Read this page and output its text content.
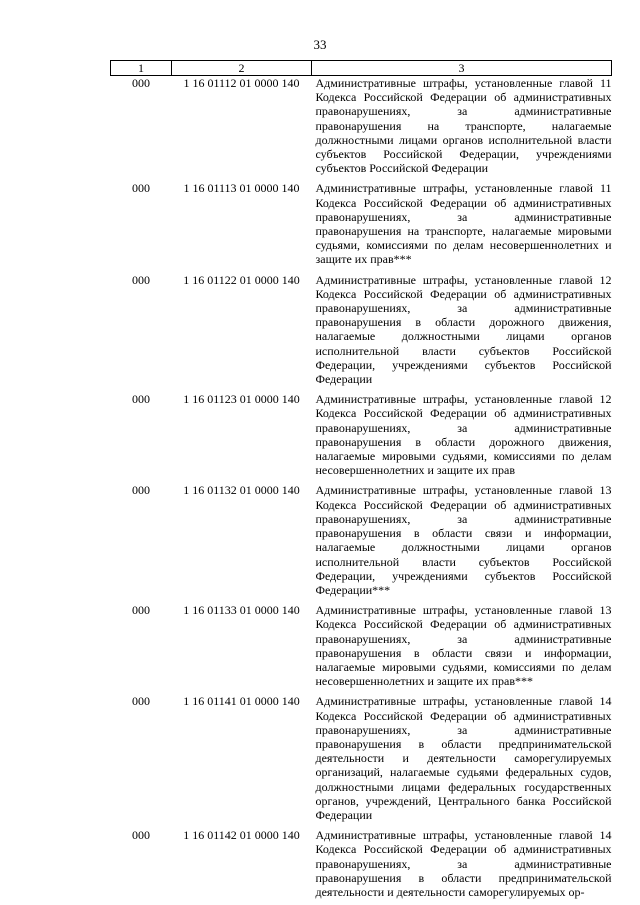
33
1	2	3
000	1 16 01112 01 0000 140	Административные штрафы, установленные главой 11 Кодекса Российской Федерации об административных правонарушениях, за административные правонарушения на транспорте, налагаемые должностными лицами органов исполнительной власти субъектов Российской Федерации, учреждениями субъектов Российской Федерации
000	1 16 01113 01 0000 140	Административные штрафы, установленные главой 11 Кодекса Российской Федерации об административных правонарушениях, за административные правонарушения на транспорте, налагаемые мировыми судьями, комиссиями по делам несовершеннолетних и защите их прав***
000	1 16 01122 01 0000 140	Административные штрафы, установленные главой 12 Кодекса Российской Федерации об административных правонарушениях, за административные правонарушения в области дорожного движения, налагаемые должностными лицами органов исполнительной власти субъектов Российской Федерации, учреждениями субъектов Российской Федерации
000	1 16 01123 01 0000 140	Административные штрафы, установленные главой 12 Кодекса Российской Федерации об административных правонарушениях, за административные правонарушения в области дорожного движения, налагаемые мировыми судьями, комиссиями по делам несовершеннолетних и защите их прав
000	1 16 01132 01 0000 140	Административные штрафы, установленные главой 13 Кодекса Российской Федерации об административных правонарушениях, за административные правонарушения в области связи и информации, налагаемые должностными лицами органов исполнительной власти субъектов Российской Федерации, учреждениями субъектов Российской Федерации***
000	1 16 01133 01 0000 140	Административные штрафы, установленные главой 13 Кодекса Российской Федерации об административных правонарушениях, за административные правонарушения в области связи и информации, налагаемые мировыми судьями, комиссиями по делам несовершеннолетних и защите их прав***
000	1 16 01141 01 0000 140	Административные штрафы, установленные главой 14 Кодекса Российской Федерации об административных правонарушениях, за административные правонарушения в области предпринимательской деятельности и деятельности саморегулируемых организаций, налагаемые судьями федеральных судов, должностными лицами федеральных государственных органов, учреждений, Центрального банка Российской Федерации
000	1 16 01142 01 0000 140	Административные штрафы, установленные главой 14 Кодекса Российской Федерации об административных правонарушениях, за административные правонарушения в области предпринимательской деятельности и деятельности саморегулируемых ор-
